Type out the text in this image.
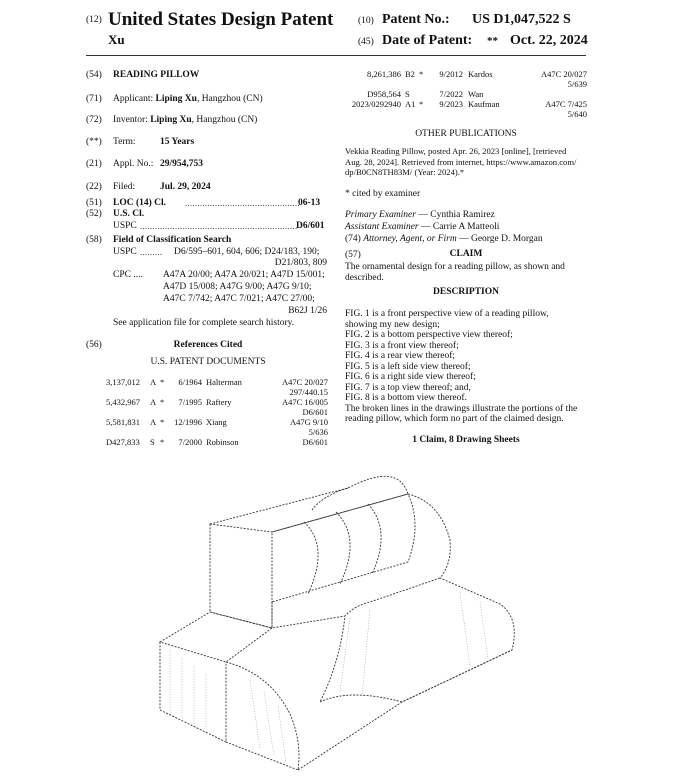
(12) United States Design Patent
Xu
(10) Patent No.: US D1,047,522 S
(45) Date of Patent: ** Oct. 22, 2024
(54) READING PILLOW
(71) Applicant: Liping Xu, Hangzhou (CN)
(72) Inventor: Liping Xu, Hangzhou (CN)
(**) Term:	15 Years
(21) Appl. No.: 29/954,753
(22) Filed:	Jul. 29, 2024
(51) LOC (14) Cl. ..............................................
06-13
(52) U.S. Cl.
USPC ...............................................................
D6/601
(58) Field of Classification Search
USPC ......... D6/595–601, 604, 606; D24/183, 190;
D21/803, 809
CPC .... A47A 20/00; A47A 20/021; A47D 15/001;
A47D 15/008; A47G 9/00; A47G 9/10;
A47C 7/742; A47C 7/021; A47C 27/00;
B62J 1/26
See application file for complete search history.
(56)	References Cited
U.S. PATENT DOCUMENTS
3,137,012	A	*	6/1964	Halterman	A47C 20/027
297/440.15					
5,432,967	A	*	7/1995	Raftery	A47C 16/005
D6/601					
5,581,831	A	*	12/1996	Xiang	A47G 9/10
5/636					
D427,833	S	*	7/2000	Robinson	D6/601
8,261,386	B2	*	9/2012	Kardos	A47C 20/027
5/639					
D958,564	S		7/2022	Wan	
2023/0292940	A1	*	9/2023	Kaufman	A47C 7/425
5/640					
OTHER PUBLICATIONS
Vekkia Reading Pillow, posted Apr. 26, 2023 [online], [retrieved
Aug. 28, 2024]. Retrieved from internet, https://www.amazon.com/
dp/B0CN8TH83M/ (Year: 2024).*
* cited by examiner
Primary Examiner — Cynthia Ramirez
Assistant Examiner — Carrie A Matteoli
(74) Attorney, Agent, or Firm — George D. Morgan
(57)	CLAIM
The ornamental design for a reading pillow, as shown and
described.
DESCRIPTION
FIG. 1 is a front perspective view of a reading pillow,
showing my new design;
FIG. 2 is a bottom perspective view thereof;
FIG. 3 is a front view thereof;
FIG. 4 is a rear view thereof;
FIG. 5 is a left side view thereof;
FIG. 6 is a right side view thereof;
FIG. 7 is a top view thereof; and,
FIG. 8 is a bottom view thereof.
The broken lines in the drawings illustrate the portions of the
reading pillow, which form no part of the claimed design.
1 Claim, 8 Drawing Sheets
